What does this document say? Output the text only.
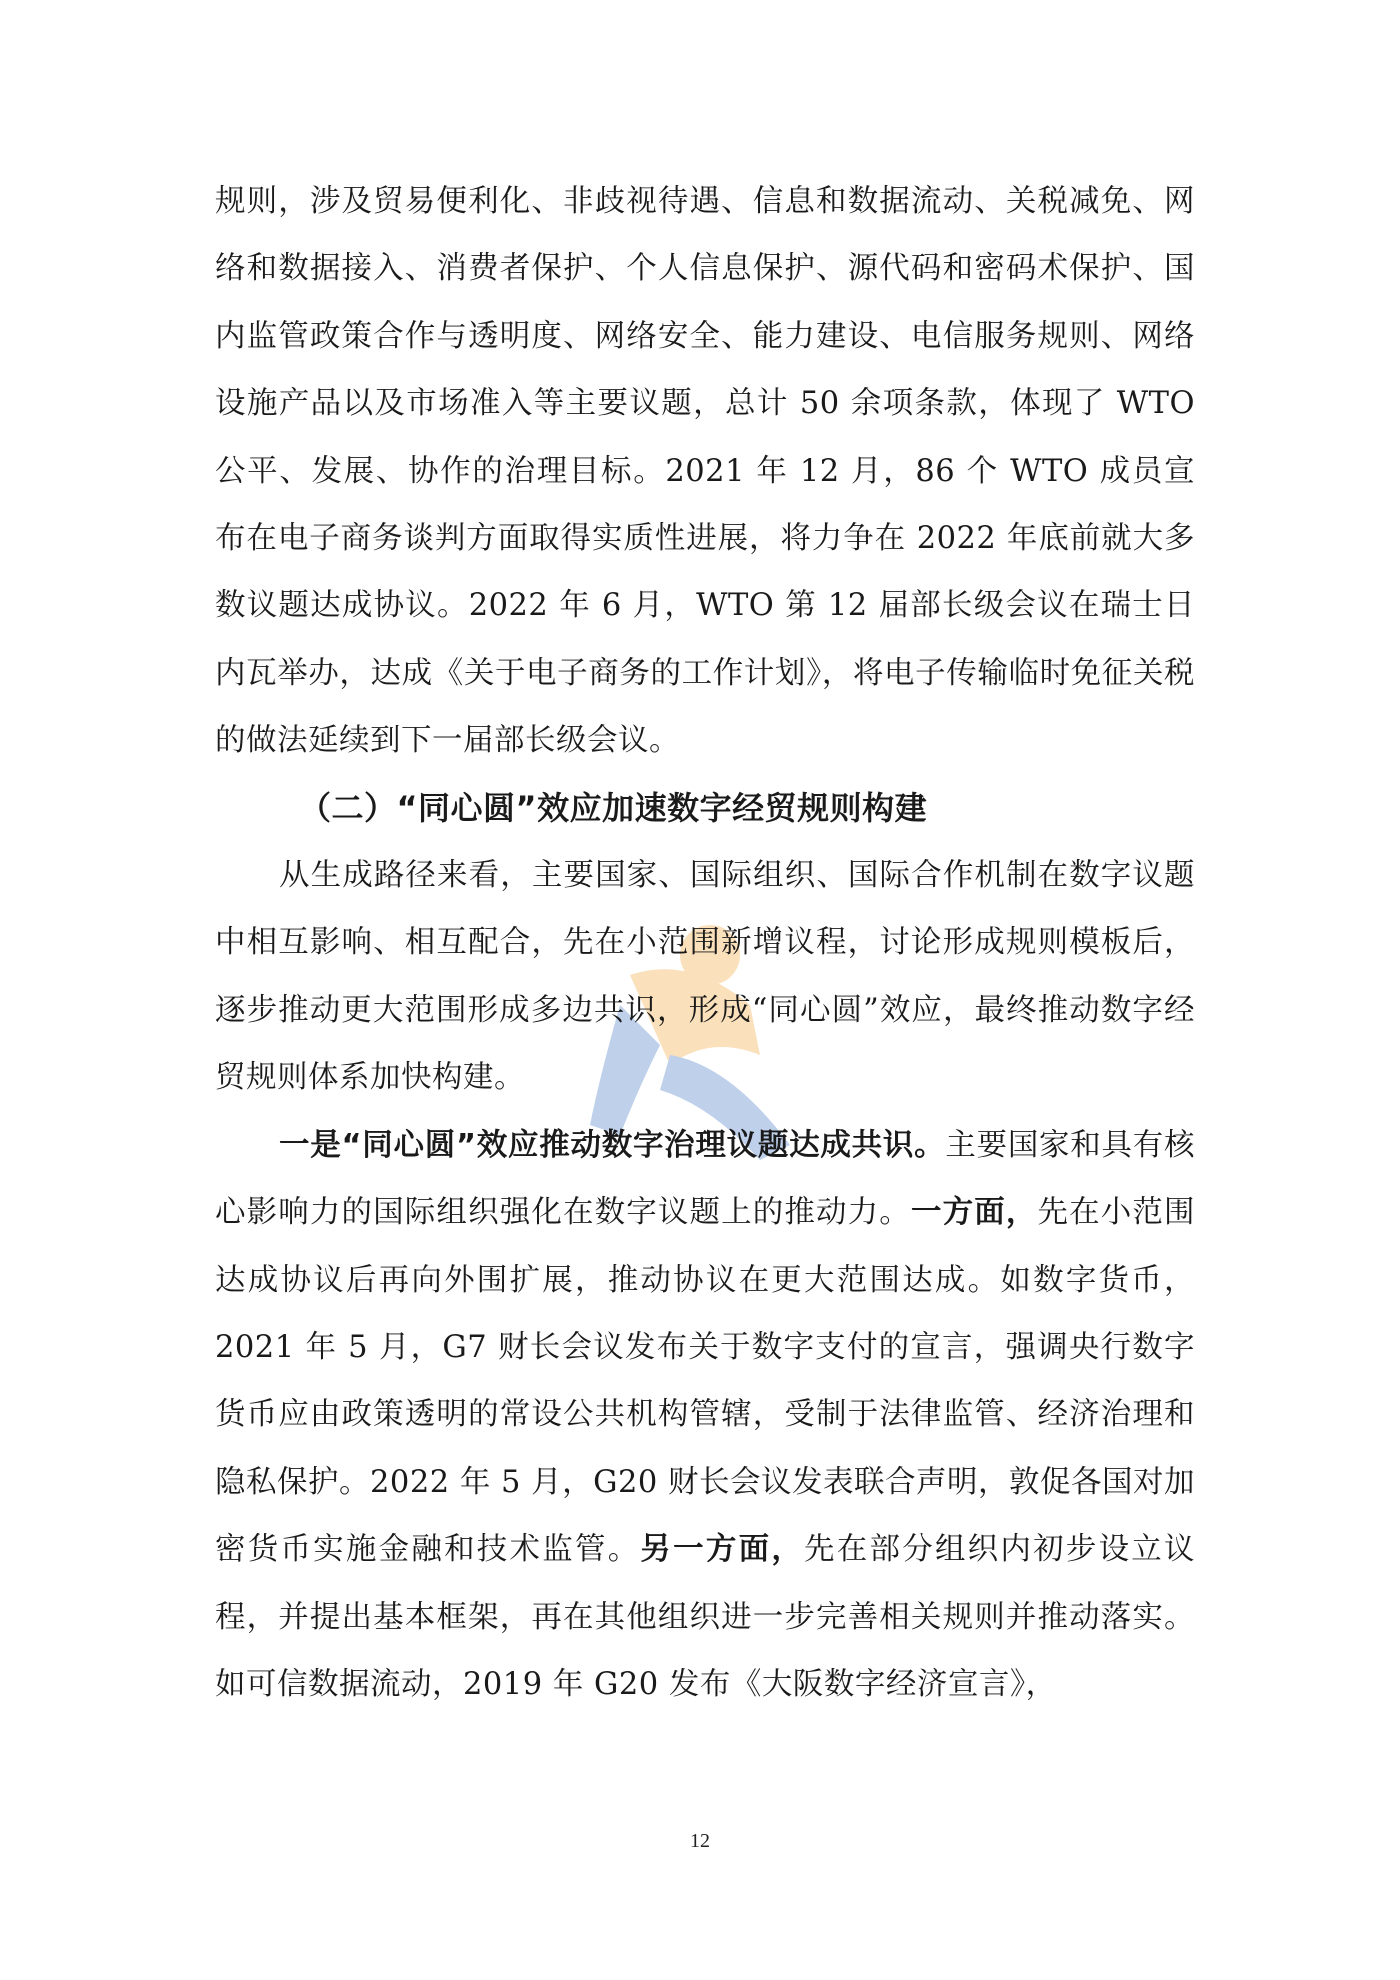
规则，涉及贸易便利化、非歧视待遇、信息和数据流动、关税减免、网络和数据接入、消费者保护、个人信息保护、源代码和密码术保护、国内监管政策合作与透明度、网络安全、能力建设、电信服务规则、网络设施产品以及市场准入等主要议题，总计 50 余项条款，体现了 WTO 公平、发展、协作的治理目标。2021 年 12 月，86 个 WTO 成员宣布在电子商务谈判方面取得实质性进展，将力争在 2022 年底前就大多数议题达成协议。2022 年 6 月，WTO 第 12 届部长级会议在瑞士日内瓦举办，达成《关于电子商务的工作计划》，将电子传输临时免征关税的做法延续到下一届部长级会议。

（二）“同心圆”效应加速数字经贸规则构建

从生成路径来看，主要国家、国际组织、国际合作机制在数字议题中相互影响、相互配合，先在小范围新增议程，讨论形成规则模板后，逐步推动更大范围形成多边共识，形成“同心圆”效应，最终推动数字经贸规则体系加快构建。

一是“同心圆”效应推动数字治理议题达成共识。主要国家和具有核心影响力的国际组织强化在数字议题上的推动力。一方面，先在小范围达成协议后再向外围扩展，推动协议在更大范围达成。如数字货币，2021 年 5 月，G7 财长会议发布关于数字支付的宣言，强调央行数字货币应由政策透明的常设公共机构管辖，受制于法律监管、经济治理和隐私保护。2022 年 5 月，G20 财长会议发表联合声明，敦促各国对加密货币实施金融和技术监管。另一方面，先在部分组织内初步设立议程，并提出基本框架，再在其他组织进一步完善相关规则并推动落实。如可信数据流动，2019 年 G20 发布《大阪数字经济宣言》，

12
